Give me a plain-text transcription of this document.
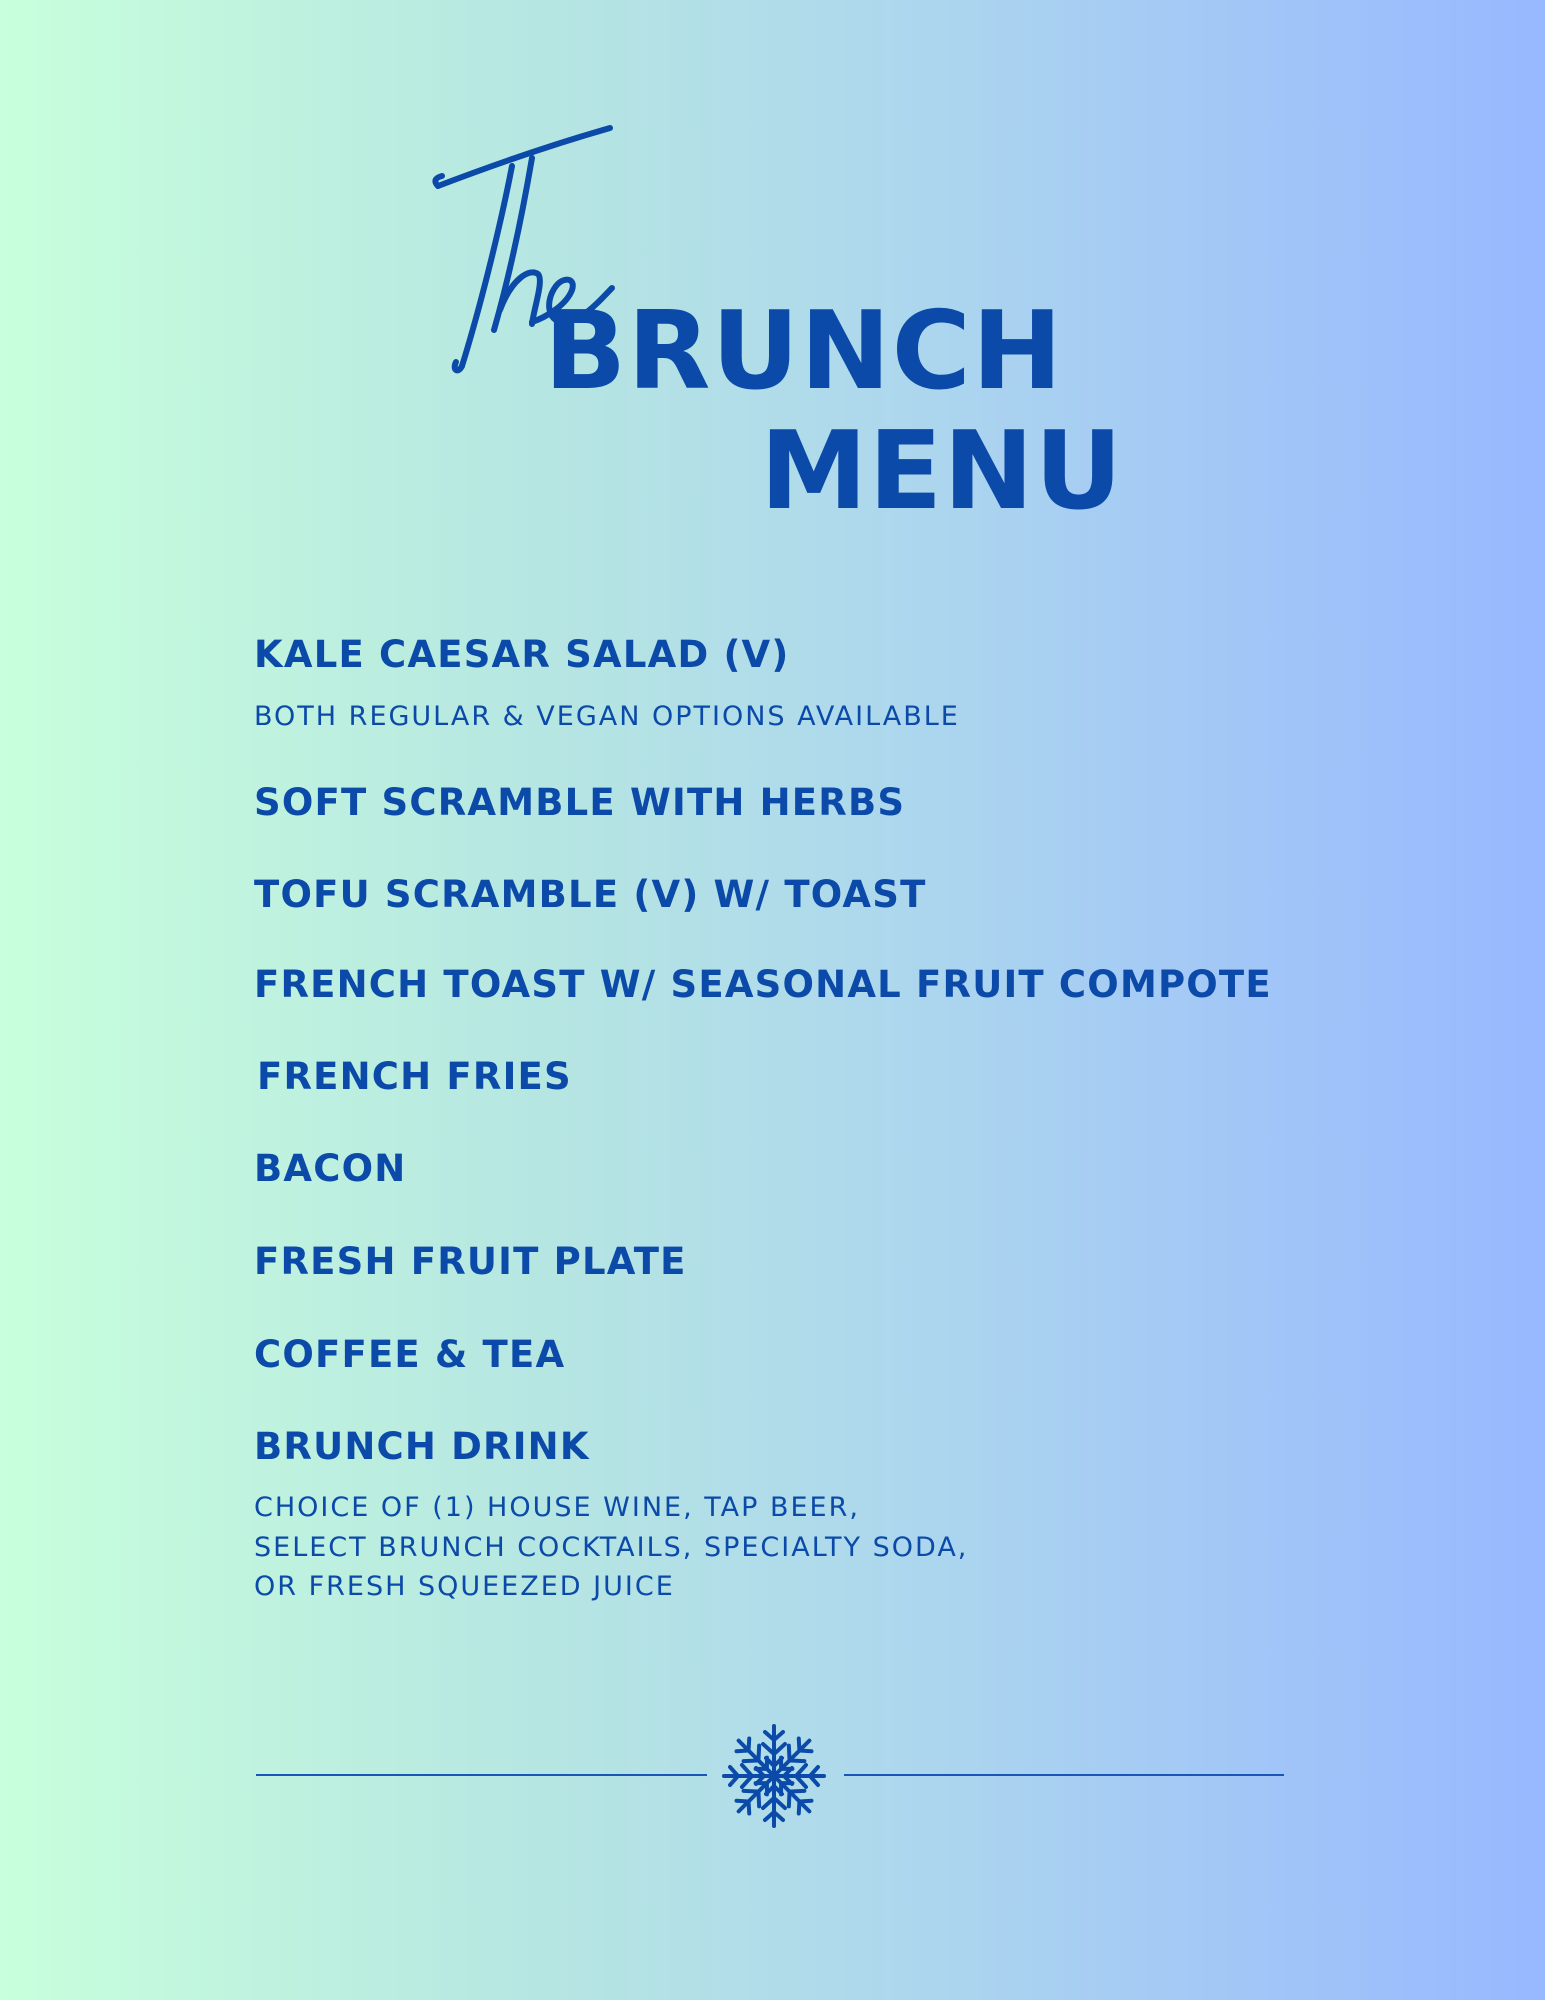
BRUNCH
MENU
KALE CAESAR SALAD (V)
BOTH REGULAR & VEGAN OPTIONS AVAILABLE
SOFT SCRAMBLE WITH HERBS
TOFU SCRAMBLE (V) W/ TOAST
FRENCH TOAST W/ SEASONAL FRUIT COMPOTE
FRENCH FRIES
BACON
FRESH FRUIT PLATE
COFFEE & TEA
BRUNCH DRINK
CHOICE OF (1) HOUSE WINE, TAP BEER,
SELECT BRUNCH COCKTAILS, SPECIALTY SODA,
OR FRESH SQUEEZED JUICE
